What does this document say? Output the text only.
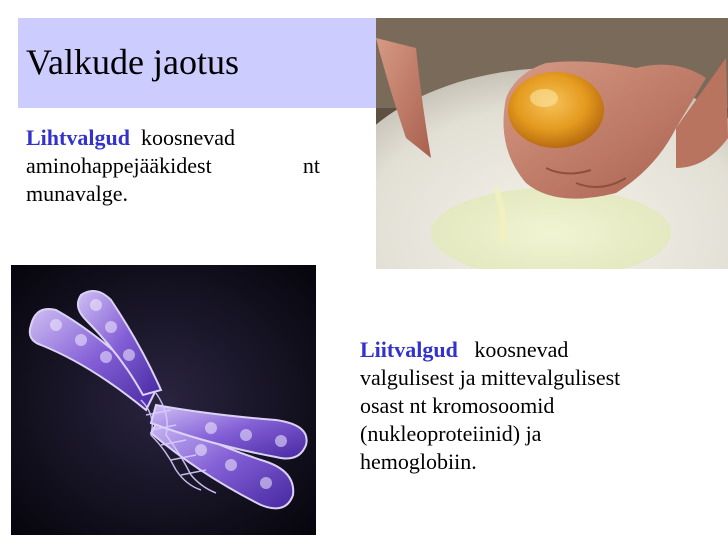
Valkude jaotus
Lihtvalgud koosnevad
aminohappejääkidest	nt
munavalge.
Liitvalgud koosnevad
valgulisest ja mittevalgulisest
osast nt kromosoomid
(nukleoproteiinid) ja
hemoglobiin.
